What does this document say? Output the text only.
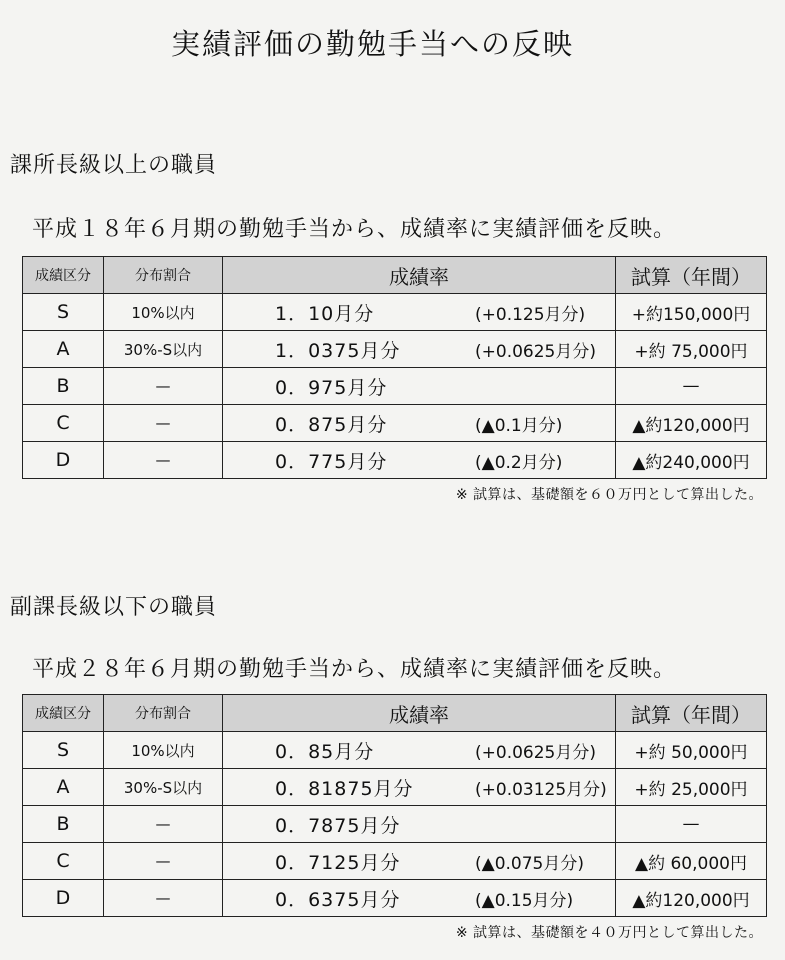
実績評価の勤勉手当への反映
課所長級以上の職員
平成１８年６月期の勤勉手当から、成績率に実績評価を反映。
成績区分	分布割合	成績率	試算（年間）
S	10%以内	1．10月分 (+0.125月分)	+約150,000円
A	30%-S以内	1．0375月分 (+0.0625月分)	+約 75,000円
B	—	0．975月分	—
C	—	0．875月分 (▲0.1月分)	▲約120,000円
D	—	0．775月分 (▲0.2月分)	▲約240,000円
※ 試算は、基礎額を６０万円として算出した。
副課長級以下の職員
平成２８年６月期の勤勉手当から、成績率に実績評価を反映。
成績区分	分布割合	成績率	試算（年間）
S	10%以内	0．85月分 (+0.0625月分)	+約 50,000円
A	30%-S以内	0．81875月分 (+0.03125月分)	+約 25,000円
B	—	0．7875月分	—
C	—	0．7125月分 (▲0.075月分)	▲約 60,000円
D	—	0．6375月分 (▲0.15月分)	▲約120,000円
※ 試算は、基礎額を４０万円として算出した。
